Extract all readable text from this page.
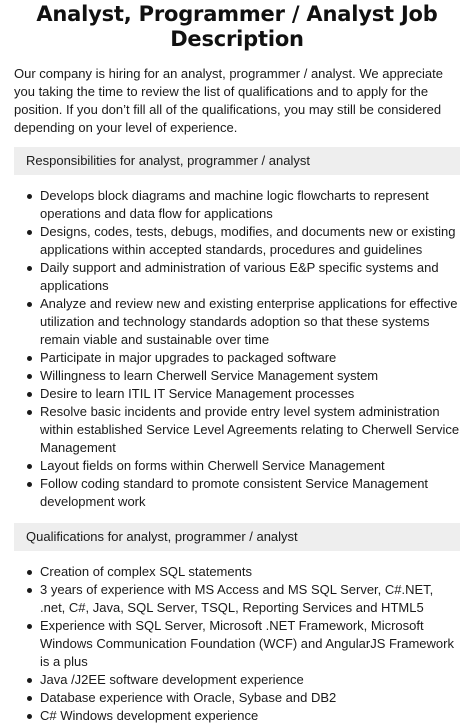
Analyst, Programmer / Analyst Job Description

Our company is hiring for an analyst, programmer / analyst. We appreciate you taking the time to review the list of qualifications and to apply for the position. If you don’t fill all of the qualifications, you may still be considered depending on your level of experience.

Responsibilities for analyst, programmer / analyst
Develops block diagrams and machine logic flowcharts to represent operations and data flow for applications
Designs, codes, tests, debugs, modifies, and documents new or existing applications within accepted standards, procedures and guidelines
Daily support and administration of various E&P specific systems and applications
Analyze and review new and existing enterprise applications for effective utilization and technology standards adoption so that these systems remain viable and sustainable over time
Participate in major upgrades to packaged software
Willingness to learn Cherwell Service Management system
Desire to learn ITIL IT Service Management processes
Resolve basic incidents and provide entry level system administration within established Service Level Agreements relating to Cherwell Service Management
Layout fields on forms within Cherwell Service Management
Follow coding standard to promote consistent Service Management development work
Qualifications for analyst, programmer / analyst
Creation of complex SQL statements
3 years of experience with MS Access and MS SQL Server, C#.NET, .net, C#, Java, SQL Server, TSQL, Reporting Services and HTML5
Experience with SQL Server, Microsoft .NET Framework, Microsoft Windows Communication Foundation (WCF) and AngularJS Framework is a plus
Java /J2EE software development experience
Database experience with Oracle, Sybase and DB2
C# Windows development experience
